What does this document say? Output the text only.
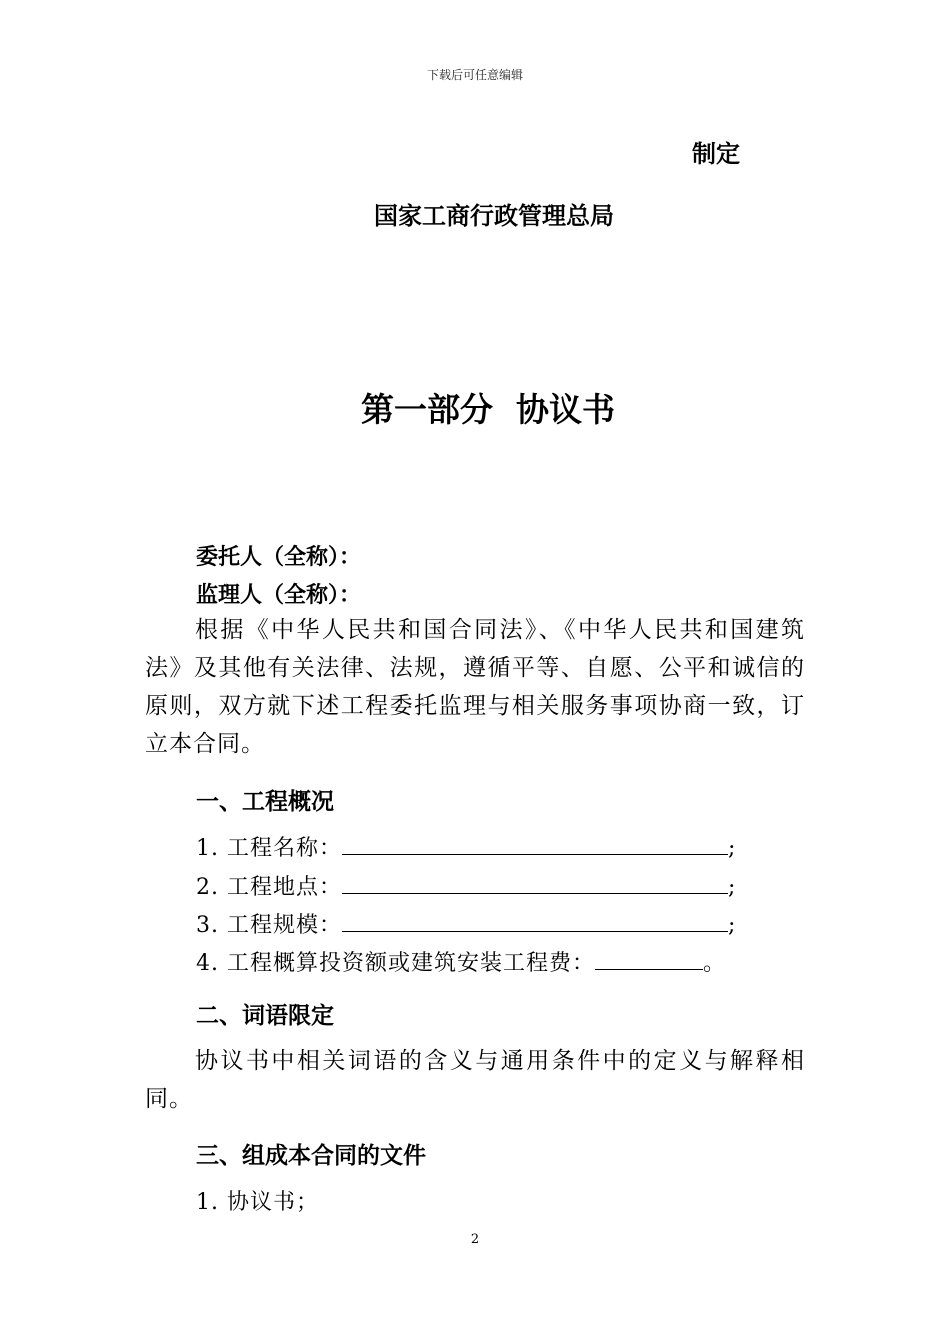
下载后可任意编辑
制定
国家工商行政管理总局
第一部分  协议书
委托人（全称）：
监理人（全称）：
根据《中华人民共和国合同法》、《中华人民共和国建筑法》及其他有关法律、法规，遵循平等、自愿、公平和诚信的原则，双方就下述工程委托监理与相关服务事项协商一致，订立本合同。
一、工程概况
1. 工程名称：	;
2. 工程地点：	;
3. 工程规模：	;
4. 工程概算投资额或建筑安装工程费：	。
二、词语限定
协议书中相关词语的含义与通用条件中的定义与解释相同。
三、组成本合同的文件
1. 协议书；
2
